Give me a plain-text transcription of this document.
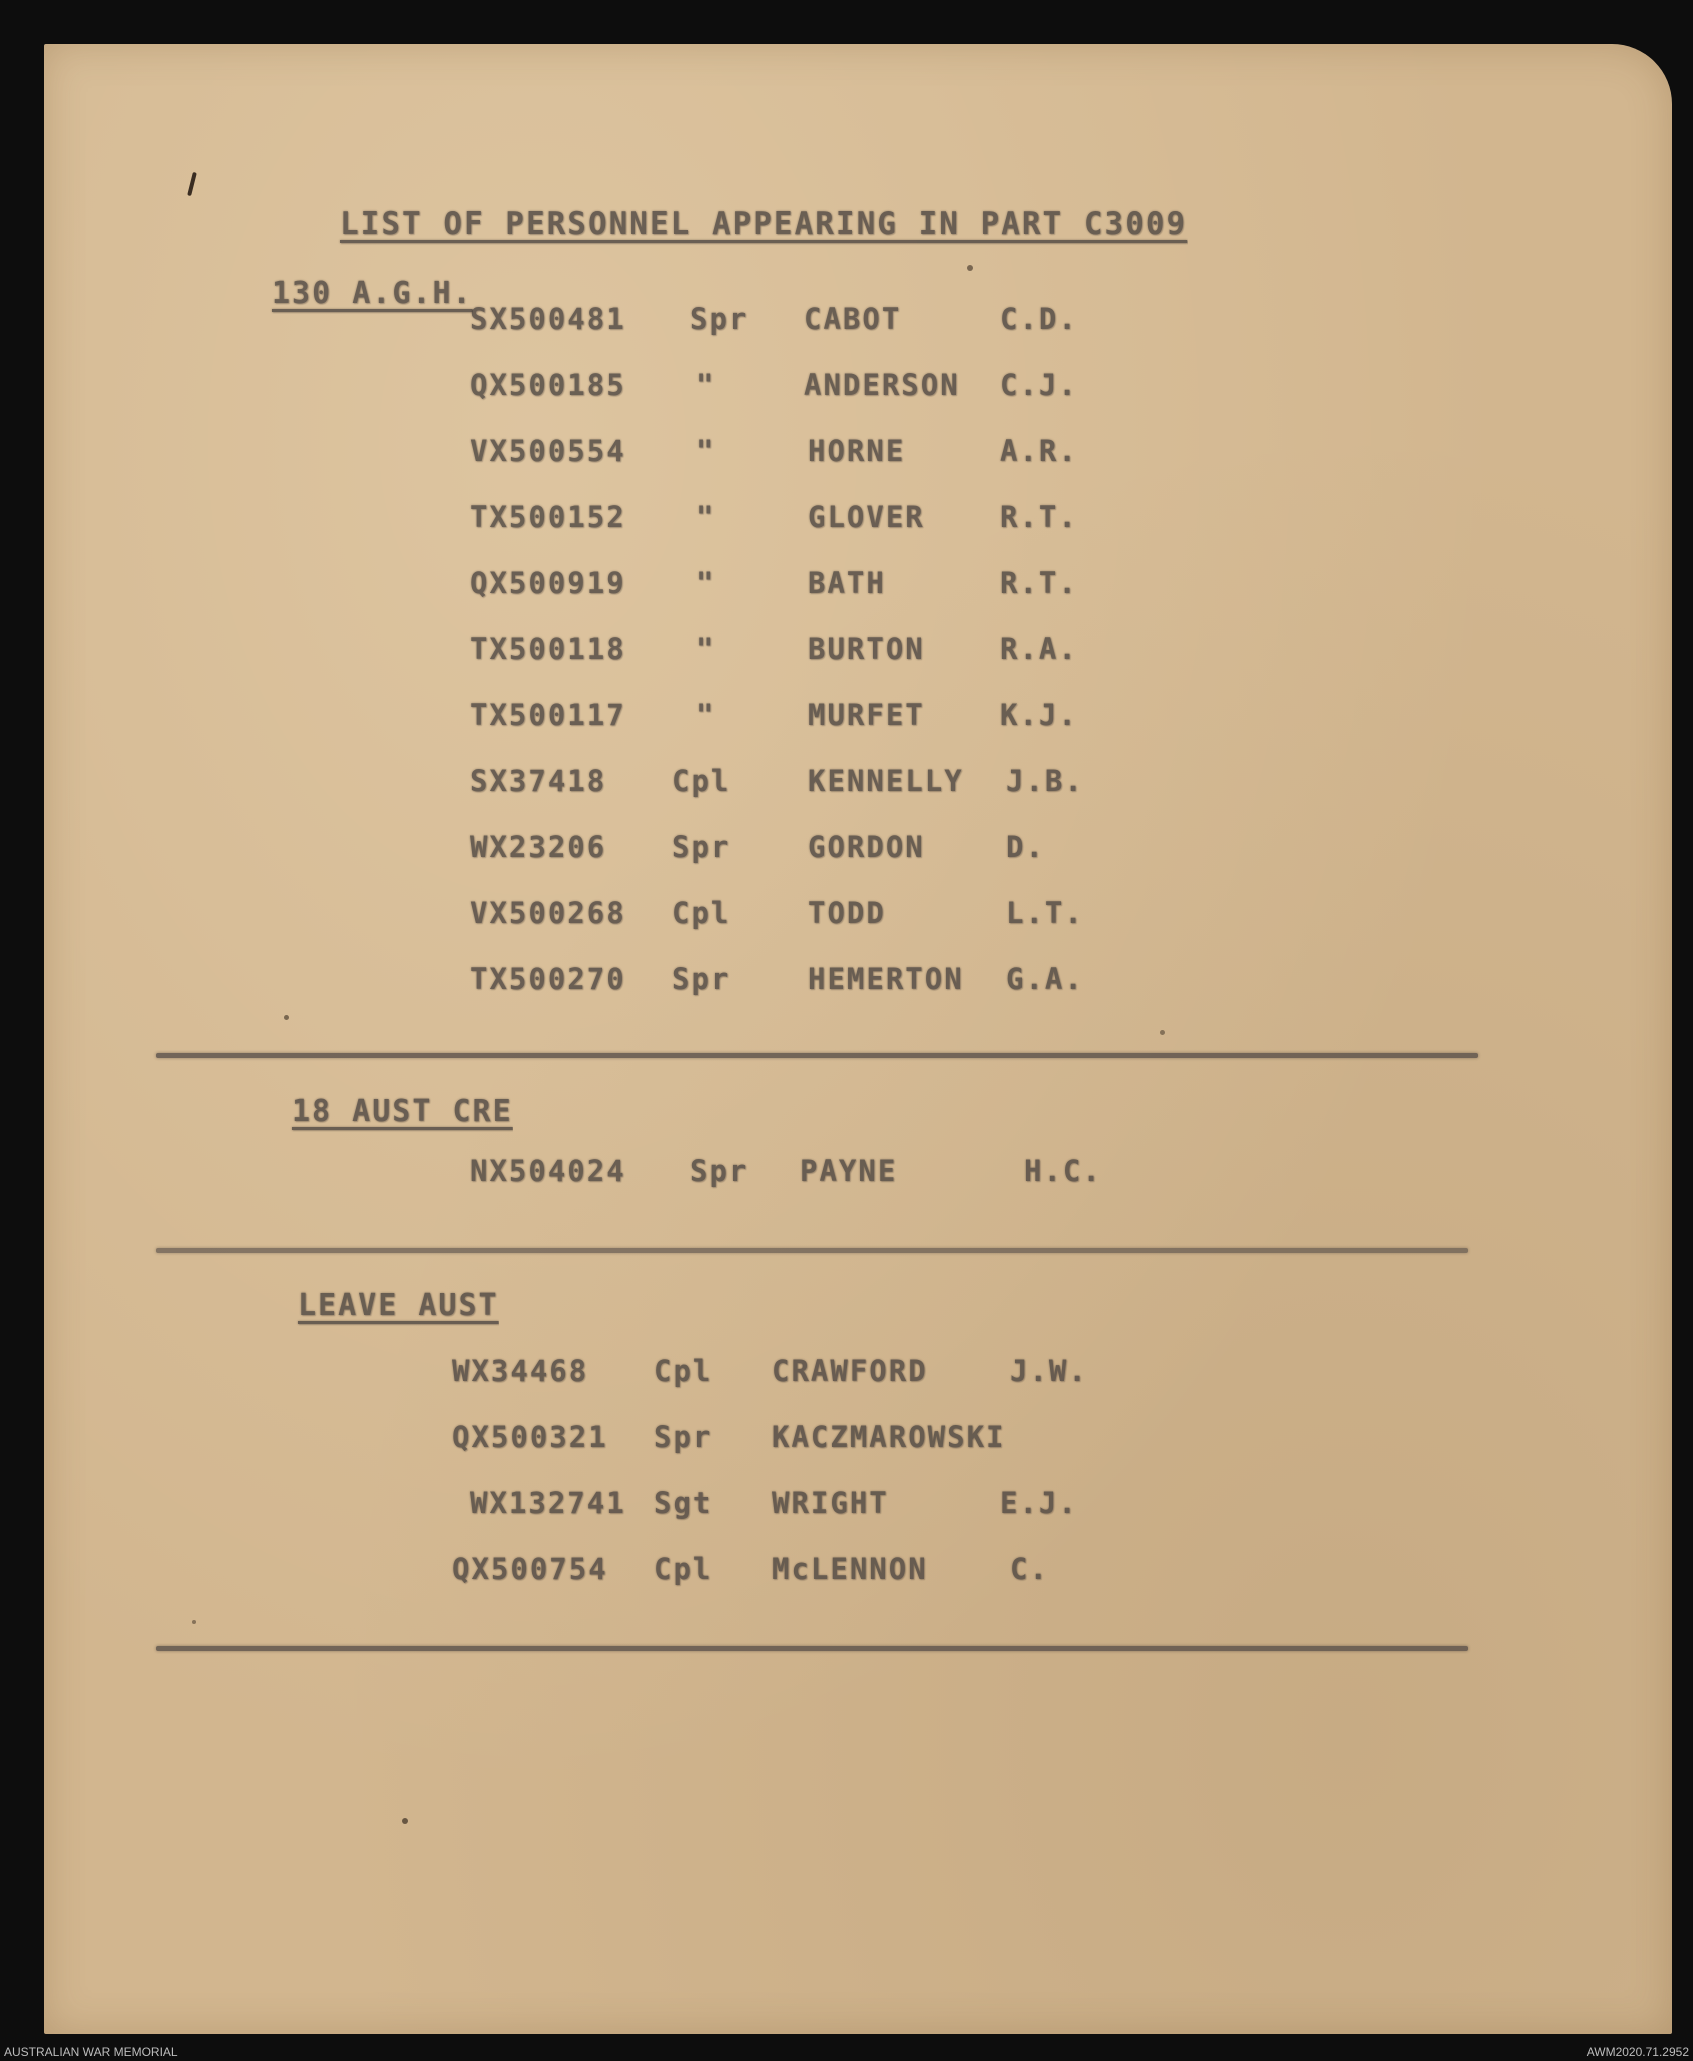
LIST OF PERSONNEL APPEARING IN PART C3009
130 A.G.H.
SX500481 Spr CABOT	C.D.
QX500185 "	ANDERSON C.J.
VX500554 "	HORNE	A.R.
TX500152 "	GLOVER	R.T.
QX500919 "	BATH	R.T.
TX500118 "	BURTON	R.A.
TX500117 "	MURFET	K.J.
SX37418 Cpl	KENNELLY J.B.
WX23206 Spr	GORDON	D.
VX500268 Cpl	TODD	L.T.
TX500270 Spr	HEMERTON G.A.
18 AUST CRE
NX504024 Spr PAYNE	H.C.
LEAVE AUST
WX34468 Cpl CRAWFORD	J.W.
QX500321 Spr KACZMAROWSKI
WX132741 Sgt WRIGHT	E.J.
QX500754 Cpl McLENNON	C.
AUSTRALIAN WAR MEMORIAL	AWM2020.71.2952
